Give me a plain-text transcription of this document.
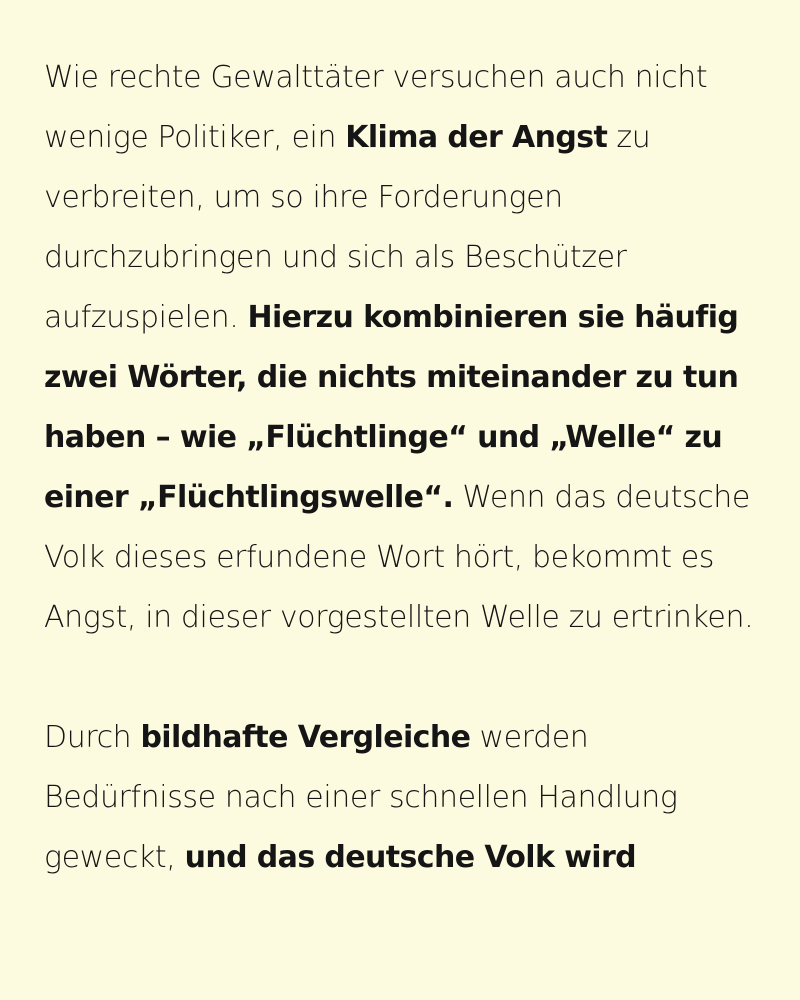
Wie rechte Gewalttäter versuchen auch nicht wenige Politiker, ein Klima der Angst zu verbreiten, um so ihre Forderungen durchzubringen und sich als Beschützer aufzuspielen. Hierzu kombinieren sie häufig zwei Wörter, die nichts miteinander zu tun haben – wie „Flüchtlinge“ und „Welle“ zu einer „Flüchtlingswelle“. Wenn das deutsche Volk dieses erfundene Wort hört, bekommt es Angst, in dieser vorgestellten Welle zu ertrinken.

Durch bildhafte Vergleiche werden Bedürfnisse nach einer schnellen Handlung geweckt, und das deutsche Volk wird
